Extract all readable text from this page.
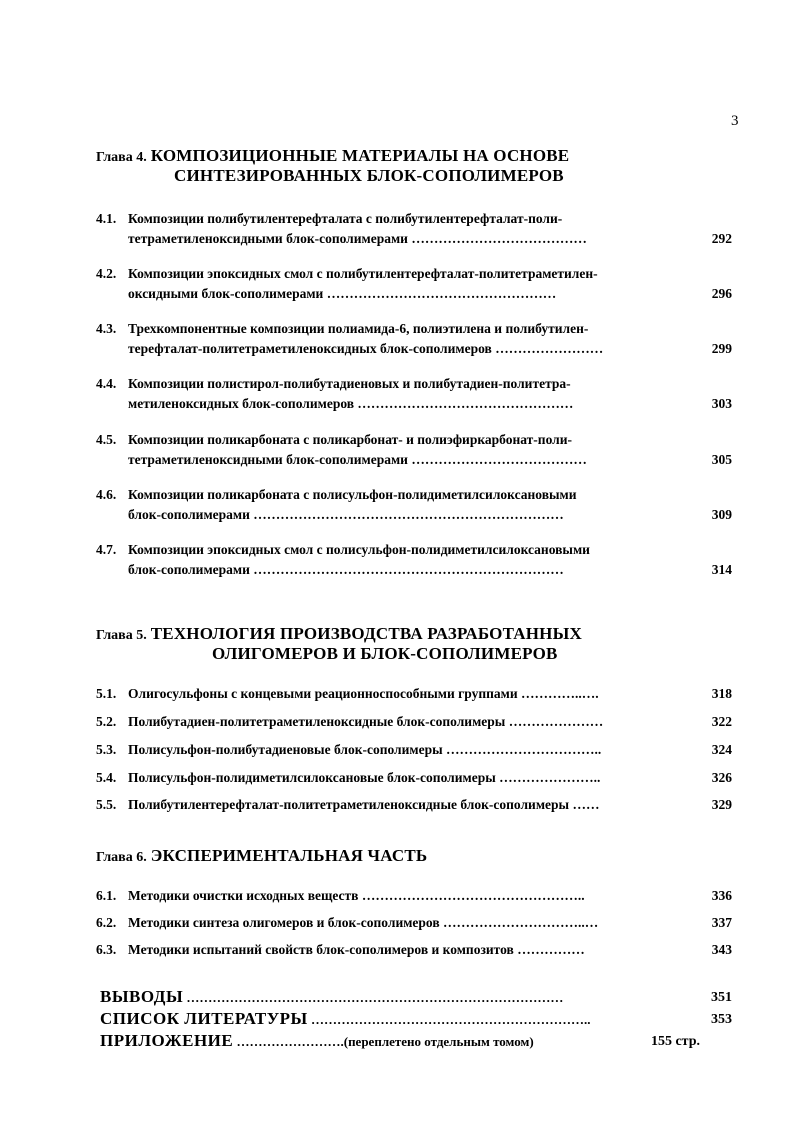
3
Глава 4. КОМПОЗИЦИОННЫЕ МАТЕРИАЛЫ НА ОСНОВЕ
СИНТЕЗИРОВАННЫХ БЛОК-СОПОЛИМЕРОВ
4.1. Композиции полибутилентерефталата с полибутилентерефталат-поли-
тетраметиленоксидными блок-сополимерами …………………………………	292
4.2. Композиции эпоксидных смол с полибутилентерефталат-политетраметилен-
оксидными блок-сополимерами ……………………………………………	296
4.3. Трехкомпонентные композиции полиамида-6, полиэтилена и полибутилен-
терефталат-политетраметиленоксидных блок-сополимеров ……………………	299
4.4. Композиции полистирол-полибутадиеновых и полибутадиен-политетра-
метиленоксидных блок-сополимеров …………………………………………	303
4.5. Композиции поликарбоната с поликарбонат- и полиэфиркарбонат-поли-
тетраметиленоксидными блок-сополимерами …………………………………	305
4.6. Композиции поликарбоната с полисульфон-полидиметилсилоксановыми
блок-сополимерами ……………………………………………………………	309
4.7. Композиции эпоксидных смол с полисульфон-полидиметилсилоксановыми
блок-сополимерами ……………………………………………………………	314
Глава 5. ТЕХНОЛОГИЯ ПРОИЗВОДСТВА РАЗРАБОТАННЫХ
ОЛИГОМЕРОВ И БЛОК-СОПОЛИМЕРОВ
5.1. Олигосульфоны с концевыми реационноспособными группами …………..….	318
5.2. Полибутадиен-политетраметиленоксидные блок-сополимеры …………………	322
5.3. Полисульфон-полибутадиеновые блок-сополимеры ……………………………..	324
5.4. Полисульфон-полидиметилсилоксановые блок-сополимеры …………………..	326
5.5. Полибутилентерефталат-политетраметиленоксидные блок-сополимеры ……	329
Глава 6. ЭКСПЕРИМЕНТАЛЬНАЯ ЧАСТЬ
6.1. Методики очистки исходных веществ …………………………………………..	336
6.2. Методики синтеза олигомеров и блок-сополимеров …………………………..…	337
6.3. Методики испытаний свойств блок-сополимеров и композитов ……………	343
ВЫВОДЫ ……………………………………………………………………………	351
СПИСОК ЛИТЕРАТУРЫ ………………………………………………………..	353
ПРИЛОЖЕНИЕ …………………….(переплетено отдельным томом)	155 стр.
